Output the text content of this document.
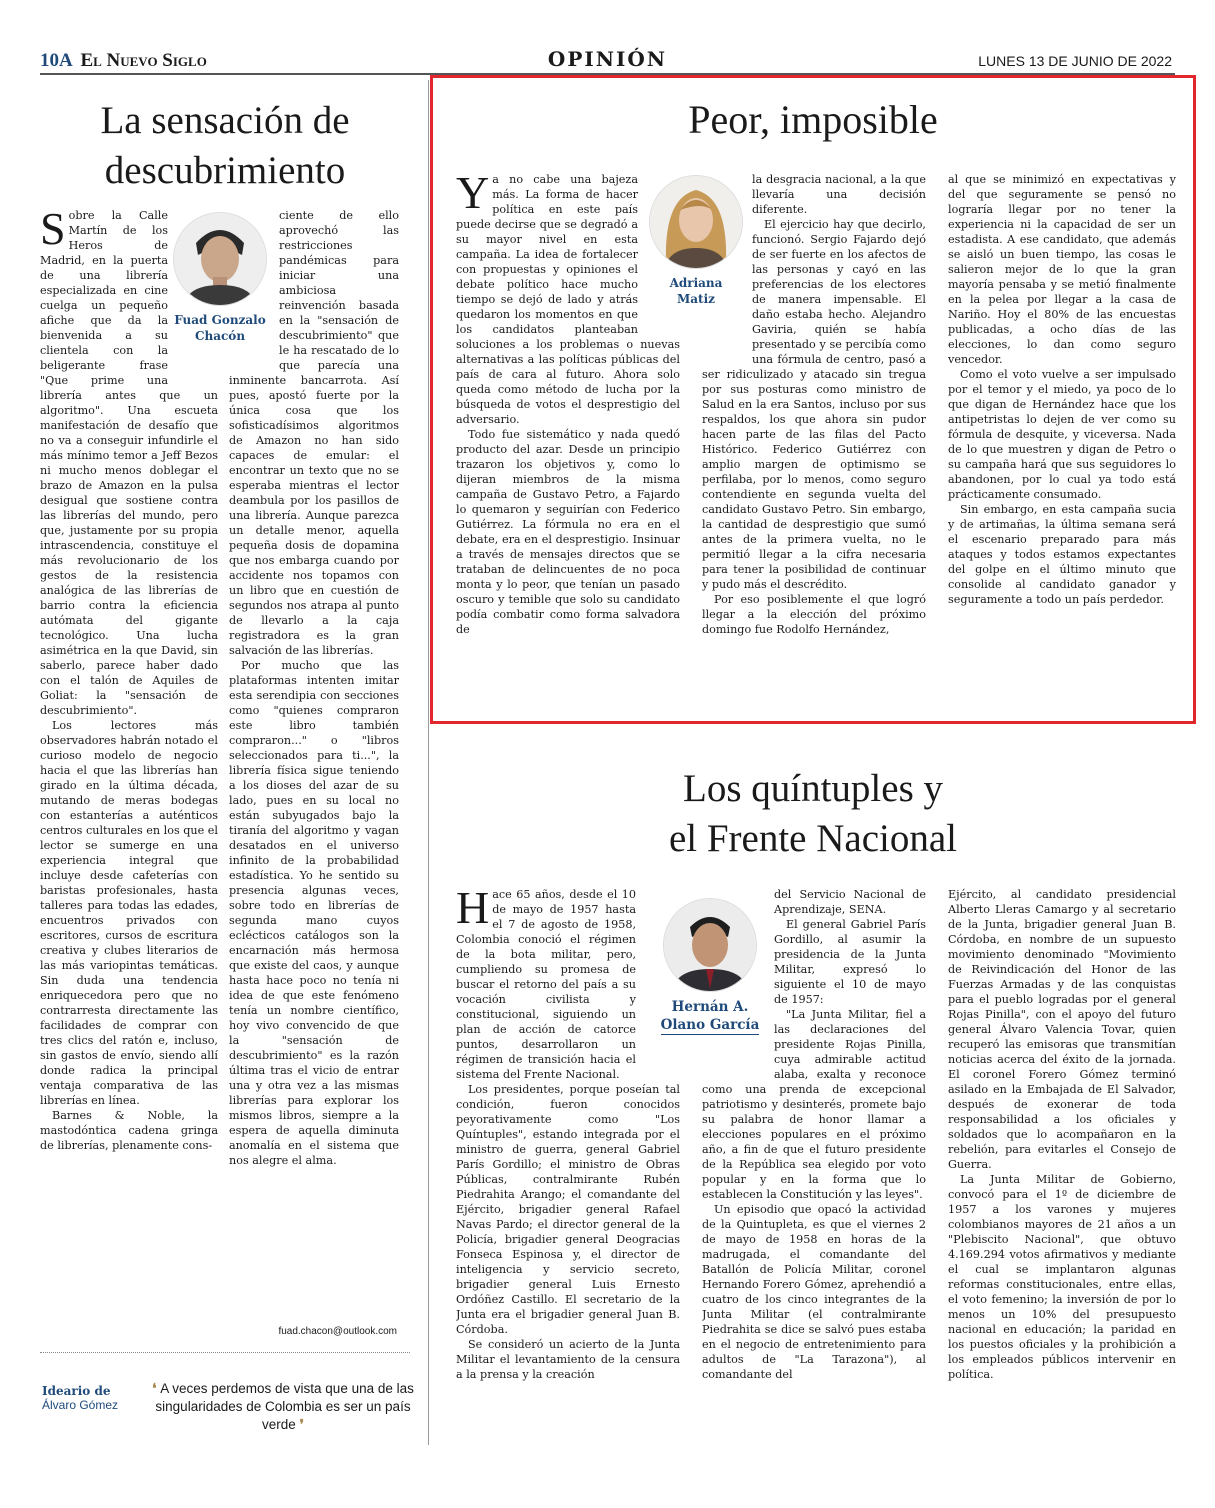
10A El Nuevo Siglo	OPINIÓN	LUNES 13 DE JUNIO DE 2022
La sensación de descubrimiento
Fuad Gonzalo
Chacón

Sobre la Calle Martín de los Heros de Madrid, en la puerta de una librería especializada en cine cuelga un pequeño afiche que da la bienvenida a su clientela con la beligerante frase "Que prime una librería antes que un algoritmo". Una escueta manifestación de desafío que no va a conseguir infundirle el más mínimo temor a Jeff Bezos ni mucho menos doblegar el brazo de Amazon en la pulsa desigual que sostiene contra las librerías del mundo, pero que, justamente por su propia intrascendencia, constituye el más revolucionario de los gestos de la resistencia analógica de las librerías de barrio contra la eficiencia autómata del gigante tecnológico. Una lucha asimétrica en la que David, sin saberlo, parece haber dado con el talón de Aquiles de Goliat: la "sensación de descubrimiento".

Los lectores más observadores habrán notado el curioso modelo de negocio hacia el que las librerías han girado en la última década, mutando de meras bodegas con estanterías a auténticos centros culturales en los que el lector se sumerge en una experiencia integral que incluye desde cafeterías con baristas profesionales, hasta talleres para todas las edades, encuentros privados con escritores, cursos de escritura creativa y clubes literarios de las más variopintas temáticas. Sin duda una tendencia enriquecedora pero que no contrarresta directamente las facilidades de comprar con tres clics del ratón e, incluso, sin gastos de envío, siendo allí donde radica la principal ventaja comparativa de las librerías en línea.

Barnes & Noble, la mastodóntica cadena gringa de librerías, plenamente cons-

ciente de ello aprovechó las restricciones pandémicas para iniciar una ambiciosa reinvención basada en la "sensación de descubrimiento" que le ha rescatado de lo que parecía una inminente bancarrota. Así pues, apostó fuerte por la única cosa que los sofisticadísimos algoritmos de Amazon no han sido capaces de emular: el encontrar un texto que no se esperaba mientras el lector deambula por los pasillos de una librería. Aunque parezca un detalle menor, aquella pequeña dosis de dopamina que nos embarga cuando por accidente nos topamos con un libro que en cuestión de segundos nos atrapa al punto de llevarlo a la caja registradora es la gran salvación de las librerías.

Por mucho que las plataformas intenten imitar esta serendipia con secciones como "quienes compraron este libro también compraron..." o "libros seleccionados para ti...", la librería física sigue teniendo a los dioses del azar de su lado, pues en su local no están subyugados bajo la tiranía del algoritmo y vagan desatados en el universo infinito de la probabilidad estadística. Yo he sentido su presencia algunas veces, sobre todo en librerías de segunda mano cuyos eclécticos catálogos son la encarnación más hermosa que existe del caos, y aunque hasta hace poco no tenía ni idea de que este fenómeno tenía un nombre científico, hoy vivo convencido de que la "sensación de descubrimiento" es la razón última tras el vicio de entrar una y otra vez a las mismas librerías para explorar los mismos libros, siempre a la espera de aquella diminuta anomalía en el sistema que nos alegre el alma.

fuad.chacon@outlook.com
Ideario de
Álvaro Gómez
❛ A veces perdemos de vista que una de las singularidades de Colombia es ser un país verde ❜
Peor, imposible
Adriana
Matiz

Ya no cabe una bajeza más. La forma de hacer política en este país puede decirse que se degradó a su mayor nivel en esta campaña. La idea de fortalecer con propuestas y opiniones el debate político hace mucho tiempo se dejó de lado y atrás quedaron los momentos en que los candidatos planteaban soluciones a los problemas o nuevas alternativas a las políticas públicas del país de cara al futuro. Ahora solo queda como método de lucha por la búsqueda de votos el desprestigio del adversario.

Todo fue sistemático y nada quedó producto del azar. Desde un principio trazaron los objetivos y, como lo dijeran miembros de la misma campaña de Gustavo Petro, a Fajardo lo quemaron y seguirían con Federico Gutiérrez. La fórmula no era en el debate, era en el desprestigio. Insinuar a través de mensajes directos que se trataban de delincuentes de no poca monta y lo peor, que tenían un pasado oscuro y temible que solo su candidato podía combatir como forma salvadora de

la desgracia nacional, a la que llevaría una decisión diferente.

El ejercicio hay que decirlo, funcionó. Sergio Fajardo dejó de ser fuerte en los afectos de las personas y cayó en las preferencias de los electores de manera impensable. El daño estaba hecho. Alejandro Gaviria, quién se había presentado y se percibía como una fórmula de centro, pasó a ser ridiculizado y atacado sin tregua por sus posturas como ministro de Salud en la era Santos, incluso por sus respaldos, los que ahora sin pudor hacen parte de las filas del Pacto Histórico. Federico Gutiérrez con amplio margen de optimismo se perfilaba, por lo menos, como seguro contendiente en segunda vuelta del candidato Gustavo Petro. Sin embargo, la cantidad de desprestigio que sumó antes de la primera vuelta, no le permitió llegar a la cifra necesaria para tener la posibilidad de continuar y pudo más el descrédito.

Por eso posiblemente el que logró llegar a la elección del próximo domingo fue Rodolfo Hernández,

al que se minimizó en expectativas y del que seguramente se pensó no lograría llegar por no tener la experiencia ni la capacidad de ser un estadista. A ese candidato, que además se aisló un buen tiempo, las cosas le salieron mejor de lo que la gran mayoría pensaba y se metió finalmente en la pelea por llegar a la casa de Nariño. Hoy el 80% de las encuestas publicadas, a ocho días de las elecciones, lo dan como seguro vencedor.

Como el voto vuelve a ser impulsado por el temor y el miedo, ya poco de lo que digan de Hernández hace que los antipetristas lo dejen de ver como su fórmula de desquite, y viceversa. Nada de lo que muestren y digan de Petro o su campaña hará que sus seguidores lo abandonen, por lo cual ya todo está prácticamente consumado.

Sin embargo, en esta campaña sucia y de artimañas, la última semana será el escenario preparado para más ataques y todos estamos expectantes del golpe en el último minuto que consolide al candidato ganador y seguramente a todo un país perdedor.

Los quíntuples y
el Frente Nacional
Hernán A.
Olano García

Hace 65 años, desde el 10 de mayo de 1957 hasta el 7 de agosto de 1958, Colombia conoció el régimen de la bota militar, pero, cumpliendo su promesa de buscar el retorno del país a su vocación civilista y constitucional, siguiendo un plan de acción de catorce puntos, desarrollaron un régimen de transición hacia el sistema del Frente Nacional.

Los presidentes, porque poseían tal condición, fueron conocidos peyorativamente como "Los Quíntuples", estando integrada por el ministro de guerra, general Gabriel París Gordillo; el ministro de Obras Públicas, contralmirante Rubén Piedrahita Arango; el comandante del Ejército, brigadier general Rafael Navas Pardo; el director general de la Policía, brigadier general Deogracias Fonseca Espinosa y, el director de inteligencia y servicio secreto, brigadier general Luis Ernesto Ordóñez Castillo. El secretario de la Junta era el brigadier general Juan B. Córdoba.

Se consideró un acierto de la Junta Militar el levantamiento de la censura a la prensa y la creación

del Servicio Nacional de Aprendizaje, SENA.

El general Gabriel París Gordillo, al asumir la presidencia de la Junta Militar, expresó lo siguiente el 10 de mayo de 1957:

"La Junta Militar, fiel a las declaraciones del presidente Rojas Pinilla, cuya admirable actitud alaba, exalta y reconoce como una prenda de excepcional patriotismo y desinterés, promete bajo su palabra de honor llamar a elecciones populares en el próximo año, a fin de que el futuro presidente de la República sea elegido por voto popular y en la forma que lo establecen la Constitución y las leyes".

Un episodio que opacó la actividad de la Quintupleta, es que el viernes 2 de mayo de 1958 en horas de la madrugada, el comandante del Batallón de Policía Militar, coronel Hernando Forero Gómez, aprehendió a cuatro de los cinco integrantes de la Junta Militar (el contralmirante Piedrahita se dice se salvó pues estaba en el negocio de entretenimiento para adultos de "La Tarazona"), al comandante del

Ejército, al candidato presidencial Alberto Lleras Camargo y al secretario de la Junta, brigadier general Juan B. Córdoba, en nombre de un supuesto movimiento denominado "Movimiento de Reivindicación del Honor de las Fuerzas Armadas y de las conquistas para el pueblo logradas por el general Rojas Pinilla", con el apoyo del futuro general Álvaro Valencia Tovar, quien recuperó las emisoras que transmitían noticias acerca del éxito de la jornada. El coronel Forero Gómez terminó asilado en la Embajada de El Salvador, después de exonerar de toda responsabilidad a los oficiales y soldados que lo acompañaron en la rebelión, para evitarles el Consejo de Guerra.

La Junta Militar de Gobierno, convocó para el 1º de diciembre de 1957 a los varones y mujeres colombianos mayores de 21 años a un "Plebiscito Nacional", que obtuvo 4.169.294 votos afirmativos y mediante el cual se implantaron algunas reformas constitucionales, entre ellas, el voto femenino; la inversión de por lo menos un 10% del presupuesto nacional en educación; la paridad en los puestos oficiales y la prohibición a los empleados públicos intervenir en política.
